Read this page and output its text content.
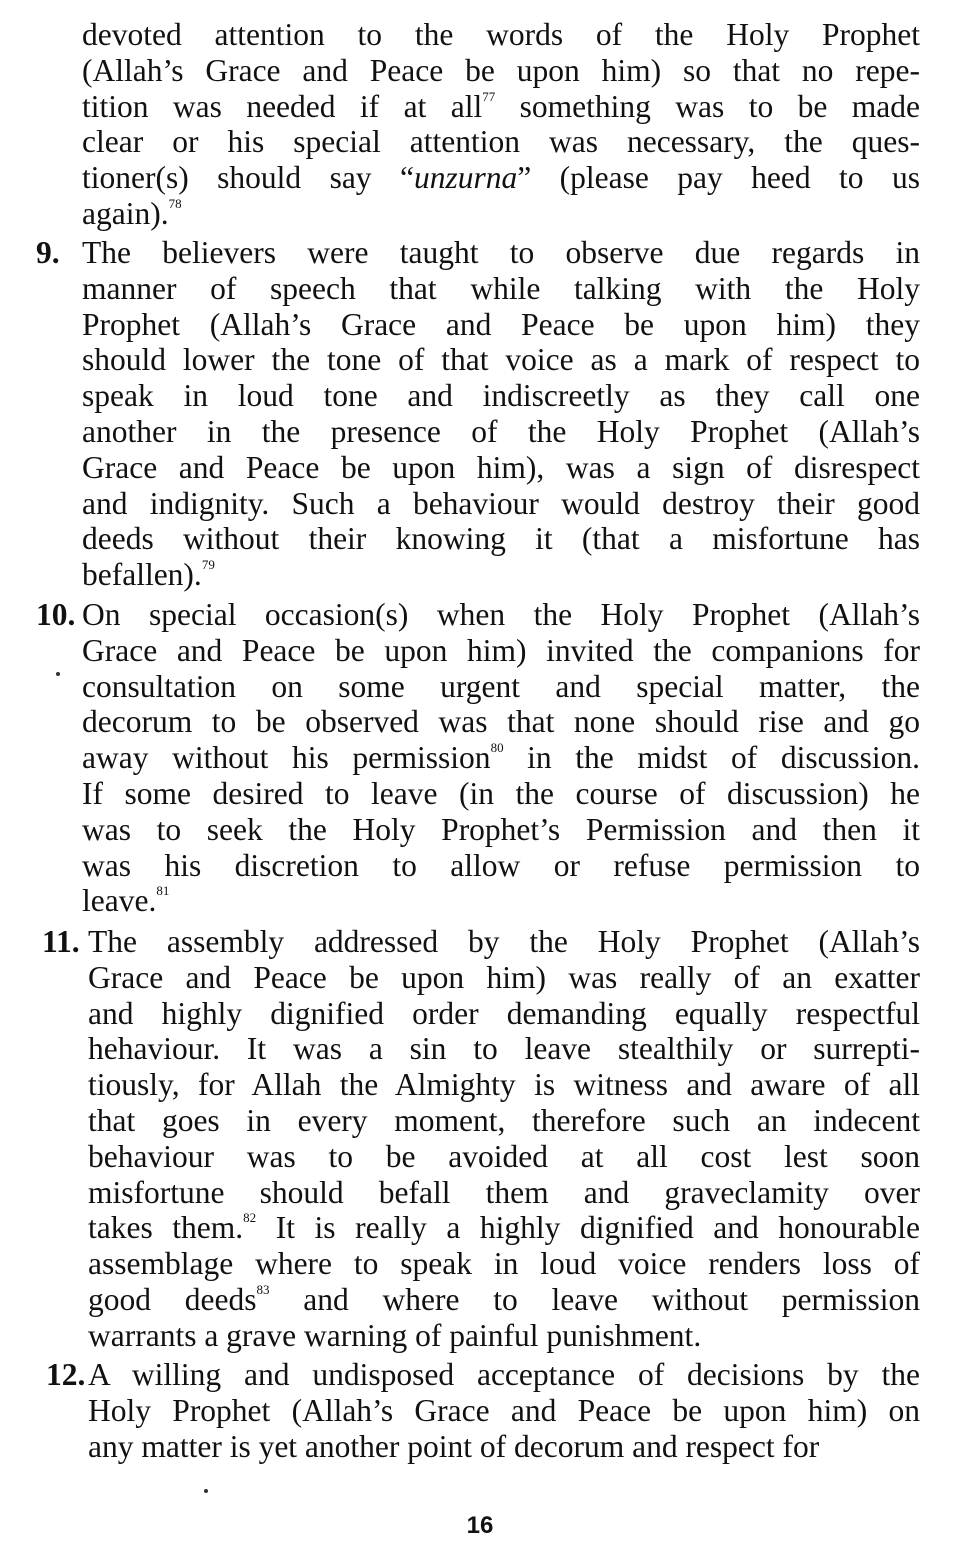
devoted attention to the words of the Holy Prophet
(Allah’s Grace and Peace be upon him) so that no repe-
tition was needed if at all$^{77}$ something was to be made
clear or his special attention was necessary, the ques-
tioner(s) should say “unzurna” (please pay heed to us
again).$^{78}$
9. The believers were taught to observe due regards in
manner of speech that while talking with the Holy
Prophet (Allah’s Grace and Peace be upon him) they
should lower the tone of that voice as a mark of respect to
speak in loud tone and indiscreetly as they call one
another in the presence of the Holy Prophet (Allah’s
Grace and Peace be upon him), was a sign of disrespect
and indignity. Such a behaviour would destroy their good
deeds without their knowing it (that a misfortune has
befallen).$^{79}$
10. On special occasion(s) when the Holy Prophet (Allah’s
Grace and Peace be upon him) invited the companions for
consultation on some urgent and special matter, the
decorum to be observed was that none should rise and go
away without his permission$^{80}$ in the midst of discussion.
If some desired to leave (in the course of discussion) he
was to seek the Holy Prophet’s Permission and then it
was his discretion to allow or refuse permission to
leave.$^{81}$
11. The assembly addressed by the Holy Prophet (Allah’s
Grace and Peace be upon him) was really of an exatter
and highly dignified order demanding equally respectful
hehaviour. It was a sin to leave stealthily or surrepti-
tiously, for Allah the Almighty is witness and aware of all
that goes in every moment, therefore such an indecent
behaviour was to be avoided at all cost lest soon
misfortune should befall them and graveclamity over
takes them.$^{82}$ It is really a highly dignified and honourable
assemblage where to speak in loud voice renders loss of
good deeds$^{83}$ and where to leave without permission
warrants a grave warning of painful punishment.
12. A willing and undisposed acceptance of decisions by the
Holy Prophet (Allah’s Grace and Peace be upon him) on
any matter is yet another point of decorum and respect for
16
